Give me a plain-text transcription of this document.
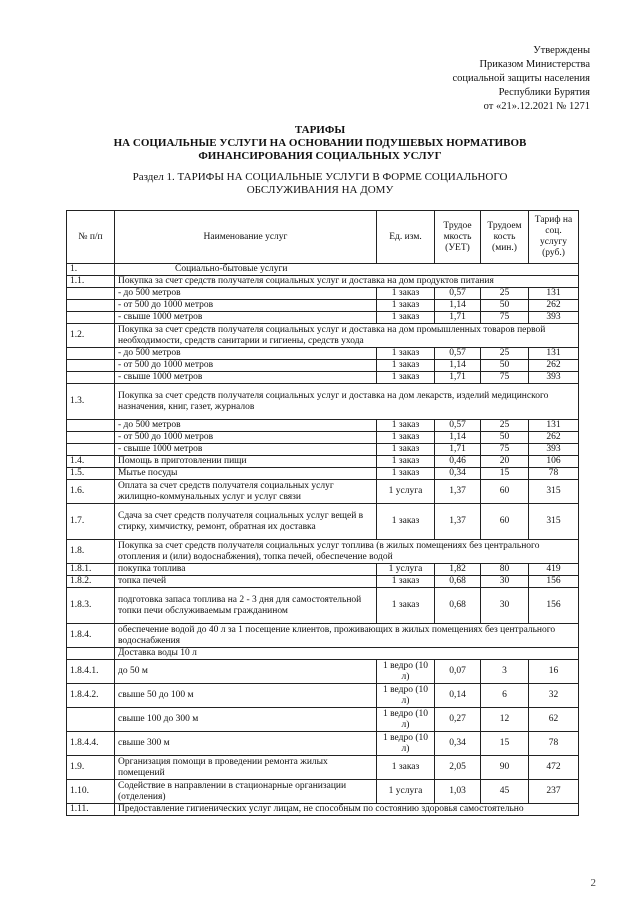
Утверждены
Приказом Министерства
социальной защиты населения
Республики Бурятия
от «21».12.2021 № 1271
ТАРИФЫ
НА СОЦИАЛЬНЫЕ УСЛУГИ НА ОСНОВАНИИ ПОДУШЕВЫХ НОРМАТИВОВ
ФИНАНСИРОВАНИЯ СОЦИАЛЬНЫХ УСЛУГ
Раздел 1. ТАРИФЫ НА СОЦИАЛЬНЫЕ УСЛУГИ В ФОРМЕ СОЦИАЛЬНОГО
ОБСЛУЖИВАНИЯ НА ДОМУ
№ п/п	Наименование услуг	Ед. изм.	Трудое мкость (УЕТ)	Трудоем кость (мин.)	Тариф на соц. услугу (руб.)
1.	Социально-бытовые услуги				
1.1.	Покупка за счет средств получателя социальных услуг и доставка на дом продуктов питания				
	- до 500 метров	1 заказ	0,57	25	131
	- от 500 до 1000 метров	1 заказ	1,14	50	262
	- свыше 1000 метров	1 заказ	1,71	75	393
1.2.	Покупка за счет средств получателя социальных услуг и доставка на дом промышленных товаров первой необходимости, средств санитарии и гигиены, средств ухода				
	- до 500 метров	1 заказ	0,57	25	131
	- от 500 до 1000 метров	1 заказ	1,14	50	262
	- свыше 1000 метров	1 заказ	1,71	75	393
1.3.	Покупка за счет средств получателя социальных услуг и доставка на дом лекарств, изделий медицинского назначения, книг, газет, журналов				
	- до 500 метров	1 заказ	0,57	25	131
	- от 500 до 1000 метров	1 заказ	1,14	50	262
	- свыше 1000 метров	1 заказ	1,71	75	393
1.4.	Помощь в приготовлении пищи	1 заказ	0,46	20	106
1.5.	Мытье посуды	1 заказ	0,34	15	78
1.6.	Оплата за счет средств получателя социальных услуг жилищно-коммунальных услуг и услуг связи	1 услуга	1,37	60	315
1.7.	Сдача за счет средств получателя социальных услуг вещей в стирку, химчистку, ремонт, обратная их доставка	1 заказ	1,37	60	315
1.8.	Покупка за счет средств получателя социальных услуг топлива (в жилых помещениях без центрального отопления и (или) водоснабжения), топка печей, обеспечение водой				
1.8.1.	покупка топлива	1 услуга	1,82	80	419
1.8.2.	топка печей	1 заказ	0,68	30	156
1.8.3.	подготовка запаса топлива на 2 - 3 дня для самостоятельной топки печи обслуживаемым гражданином	1 заказ	0,68	30	156
1.8.4.	обеспечение водой до 40 л за 1 посещение клиентов, проживающих в жилых помещениях без центрального водоснабжения				
	Доставка воды 10 л				
1.8.4.1.	до 50 м	1 ведро (10 л)	0,07	3	16
1.8.4.2.	свыше 50 до 100 м	1 ведро (10 л)	0,14	6	32
	свыше 100 до 300 м	1 ведро (10 л)	0,27	12	62
1.8.4.4.	свыше 300 м	1 ведро (10 л)	0,34	15	78
1.9.	Организация помощи в проведении ремонта жилых помещений	1 заказ	2,05	90	472
1.10.	Содействие в направлении в стационарные организации (отделения)	1 услуга	1,03	45	237
1.11.	Предоставление гигиенических услуг лицам, не способным по состоянию здоровья самостоятельно				
2
